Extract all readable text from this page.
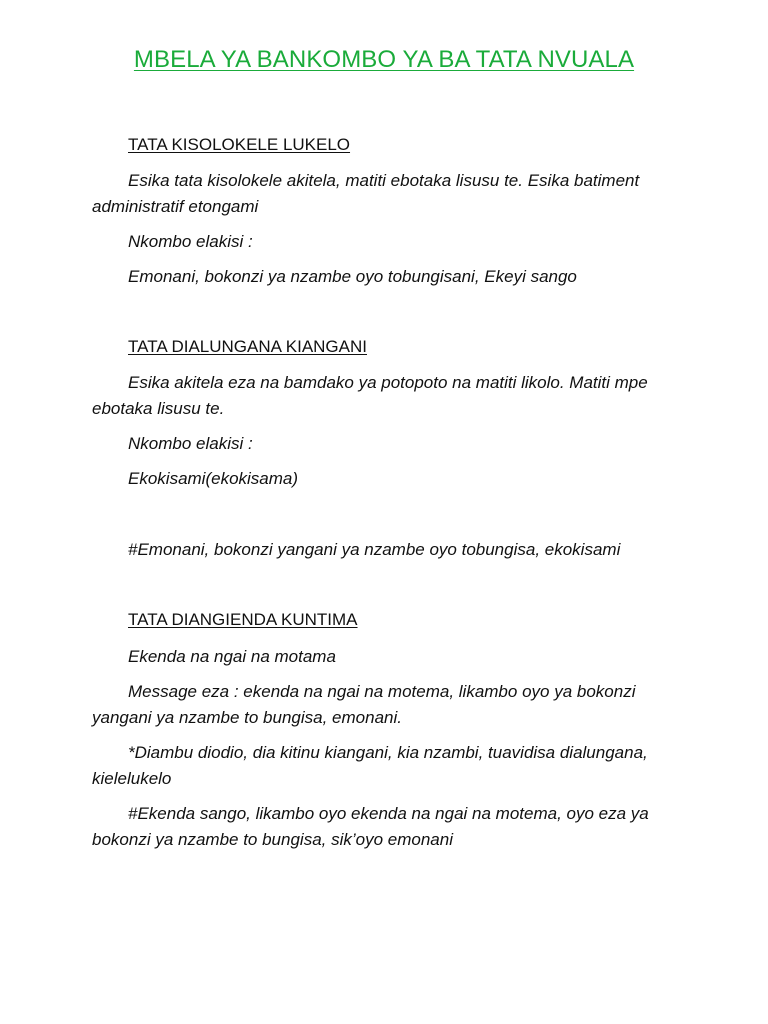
MBELA YA BANKOMBO YA BA TATA NVUALA
TATA KISOLOKELE LUKELO
Esika tata kisolokele akitela, matiti ebotaka lisusu te. Esika batiment administratif etongami
Nkombo elakisi :
Emonani, bokonzi ya nzambe oyo tobungisani, Ekeyi sango
TATA DIALUNGANA KIANGANI
Esika akitela eza na bamdako ya potopoto na matiti likolo. Matiti mpe ebotaka lisusu te.
Nkombo elakisi :
Ekokisami(ekokisama)
#Emonani, bokonzi yangani ya nzambe oyo tobungisa, ekokisami
TATA DIANGIENDA KUNTIMA
Ekenda na ngai na motama
Message eza : ekenda na ngai na motema, likambo oyo ya bokonzi yangani ya nzambe to bungisa, emonani.
*Diambu diodio, dia kitinu kiangani, kia nzambi, tuavidisa dialungana, kielelukelo
#Ekenda sango, likambo oyo ekenda na ngai na motema, oyo eza ya bokonzi ya nzambe to bungisa, sik’oyo emonani
